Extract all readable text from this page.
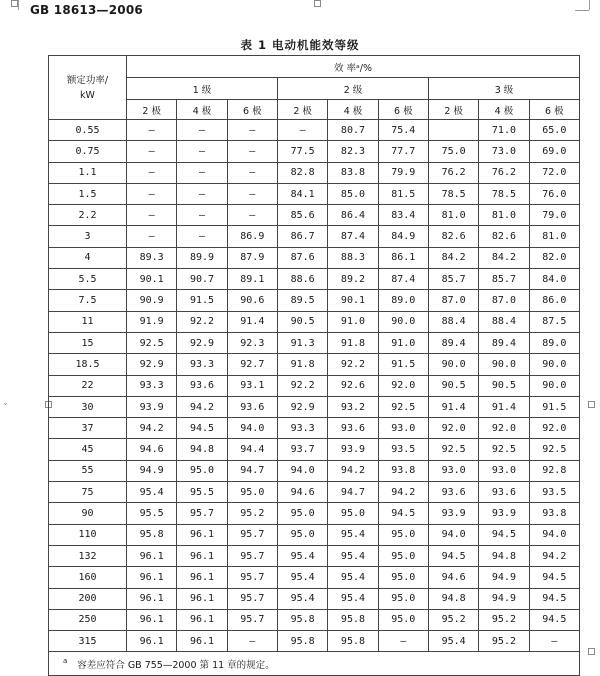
GB 18613—2006
⌄
表 1 电动机能效等级
额定功率/
kW	效 率ᵃ/%								
	1 级			2 级			3 级		
	2 极	4 极	6 极	2 极	4 极	6 极	2 极	4 极	6 极
0.55	—	—	—	—	80.7	75.4		71.0	65.0
0.75	—	—	—	77.5	82.3	77.7	75.0	73.0	69.0
1.1	—	—	—	82.8	83.8	79.9	76.2	76.2	72.0
1.5	—	—	—	84.1	85.0	81.5	78.5	78.5	76.0
2.2	—	—	—	85.6	86.4	83.4	81.0	81.0	79.0
3	—	—	86.9	86.7	87.4	84.9	82.6	82.6	81.0
4	89.3	89.9	87.9	87.6	88.3	86.1	84.2	84.2	82.0
5.5	90.1	90.7	89.1	88.6	89.2	87.4	85.7	85.7	84.0
7.5	90.9	91.5	90.6	89.5	90.1	89.0	87.0	87.0	86.0
11	91.9	92.2	91.4	90.5	91.0	90.0	88.4	88.4	87.5
15	92.5	92.9	92.3	91.3	91.8	91.0	89.4	89.4	89.0
18.5	92.9	93.3	92.7	91.8	92.2	91.5	90.0	90.0	90.0
22	93.3	93.6	93.1	92.2	92.6	92.0	90.5	90.5	90.0
30	93.9	94.2	93.6	92.9	93.2	92.5	91.4	91.4	91.5
37	94.2	94.5	94.0	93.3	93.6	93.0	92.0	92.0	92.0
45	94.6	94.8	94.4	93.7	93.9	93.5	92.5	92.5	92.5
55	94.9	95.0	94.7	94.0	94.2	93.8	93.0	93.0	92.8
75	95.4	95.5	95.0	94.6	94.7	94.2	93.6	93.6	93.5
90	95.5	95.7	95.2	95.0	95.0	94.5	93.9	93.9	93.8
110	95.8	96.1	95.7	95.0	95.4	95.0	94.0	94.5	94.0
132	96.1	96.1	95.7	95.4	95.4	95.0	94.5	94.8	94.2
160	96.1	96.1	95.7	95.4	95.4	95.0	94.6	94.9	94.5
200	96.1	96.1	95.7	95.4	95.4	95.0	94.8	94.9	94.5
250	96.1	96.1	95.7	95.8	95.8	95.0	95.2	95.2	94.5
315	96.1	96.1	—	95.8	95.8	—	95.4	95.2	—
$^a$ 容差应符合 GB 755—2000 第 11 章的规定。									
